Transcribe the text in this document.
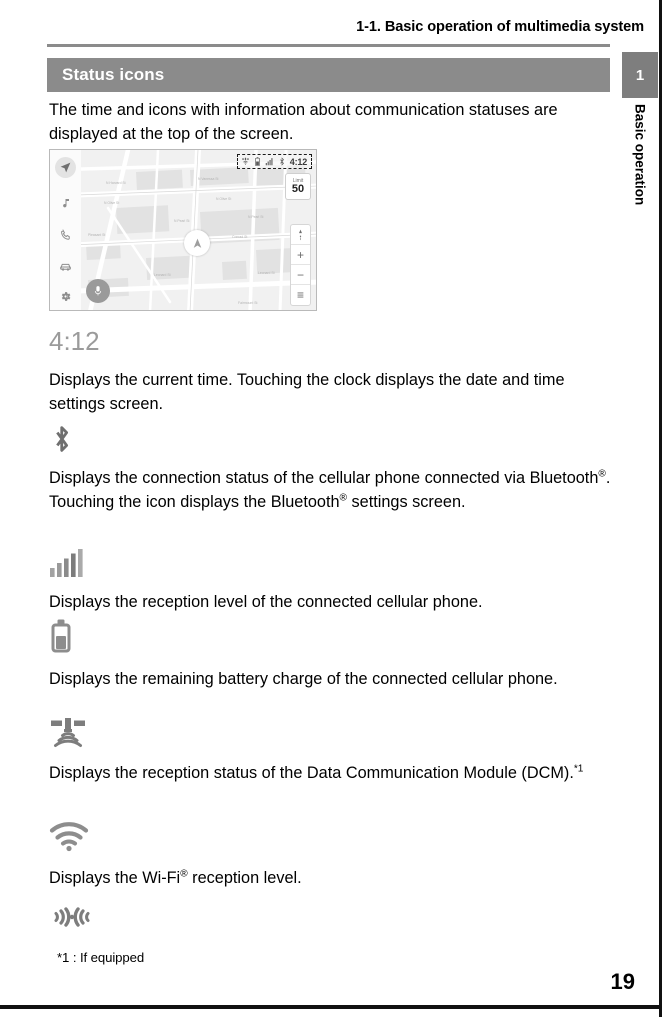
1-1. Basic operation of multimedia system
1
Basic operation
Status icons
The time and icons with information about communication statuses are displayed at the top of the screen.
N Harvard St
N Vanessa St
N Olive St
N Olive St
N Pearl St
N Pearl St
Conrad St
Leonard St	Leonard St
Fairmount St
Pleasant St
4:12
Limit
50
+
−
≡
4:12
Displays the current time. Touching the clock displays the date and time settings screen.
Displays the connection status of the cellular phone connected via Bluetooth®. Touching the icon displays the Bluetooth® settings screen.
Displays the reception level of the connected cellular phone.
Displays the remaining battery charge of the connected cellular phone.
Displays the reception status of the Data Communication Module (DCM).$^{*1}$
Displays the Wi-Fi® reception level.
*1 : If equipped
19
